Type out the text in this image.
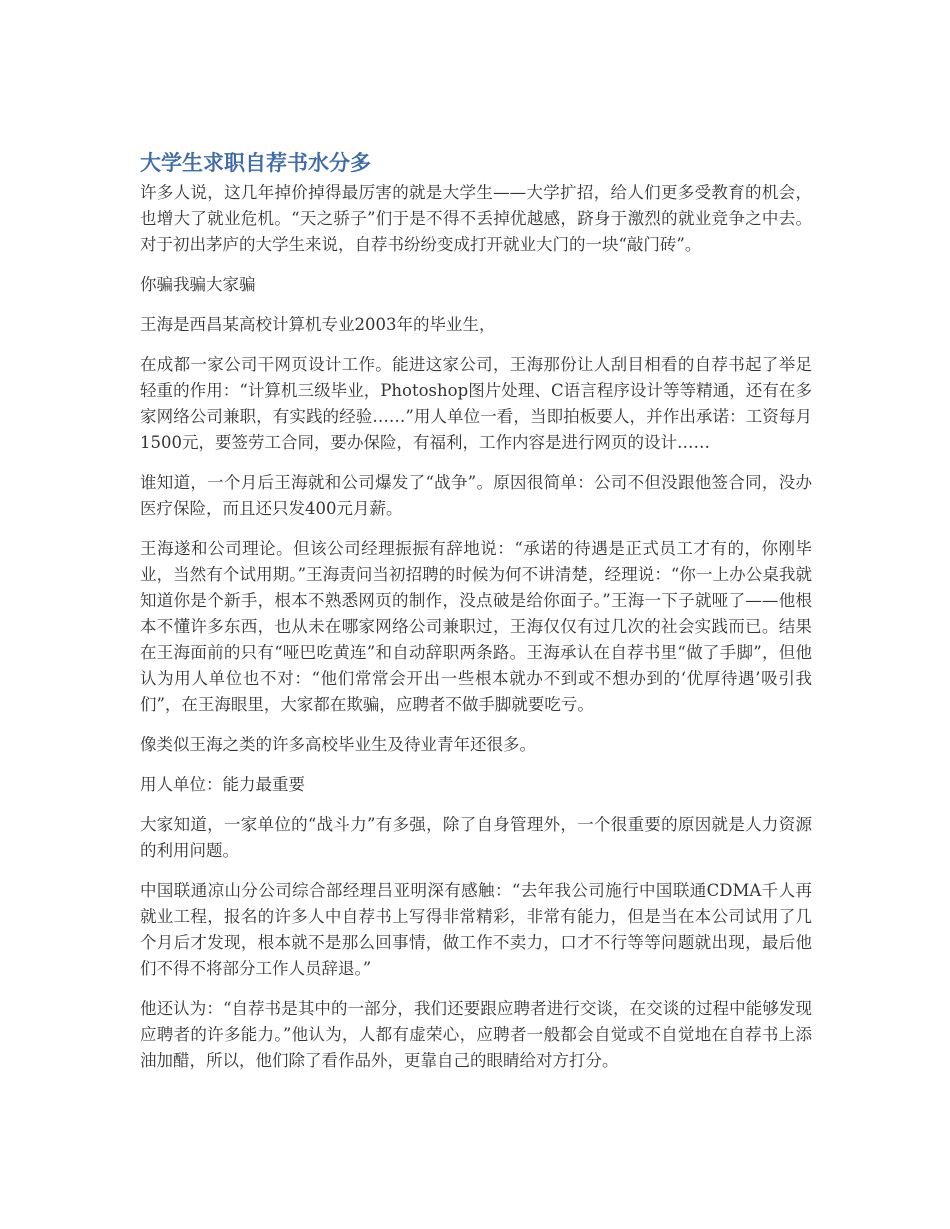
大学生求职自荐书水分多

许多人说，这几年掉价掉得最厉害的就是大学生——大学扩招，给人们更多受教育的机会，也增大了就业危机。“天之骄子”们于是不得不丢掉优越感，跻身于激烈的就业竞争之中去。对于初出茅庐的大学生来说，自荐书纷纷变成打开就业大门的一块“敲门砖”。

你骗我骗大家骗

王海是西昌某高校计算机专业2003年的毕业生，

在成都一家公司干网页设计工作。能进这家公司，王海那份让人刮目相看的自荐书起了举足轻重的作用：“计算机三级毕业，Photoshop图片处理、C语言程序设计等等精通，还有在多家网络公司兼职，有实践的经验……”用人单位一看，当即拍板要人，并作出承诺：工资每月1500元，要签劳工合同，要办保险，有福利，工作内容是进行网页的设计……

谁知道，一个月后王海就和公司爆发了“战争”。原因很简单：公司不但没跟他签合同，没办医疗保险，而且还只发400元月薪。

王海遂和公司理论。但该公司经理振振有辞地说：“承诺的待遇是正式员工才有的，你刚毕业，当然有个试用期。”王海责问当初招聘的时候为何不讲清楚，经理说：“你一上办公桌我就知道你是个新手，根本不熟悉网页的制作，没点破是给你面子。”王海一下子就哑了——他根本不懂许多东西，也从未在哪家网络公司兼职过，王海仅仅有过几次的社会实践而已。结果在王海面前的只有“哑巴吃黄连”和自动辞职两条路。王海承认在自荐书里“做了手脚”，但他认为用人单位也不对：“他们常常会开出一些根本就办不到或不想办到的‘优厚待遇’吸引我们”，在王海眼里，大家都在欺骗，应聘者不做手脚就要吃亏。

像类似王海之类的许多高校毕业生及待业青年还很多。

用人单位：能力最重要

大家知道，一家单位的“战斗力”有多强，除了自身管理外，一个很重要的原因就是人力资源的利用问题。

中国联通凉山分公司综合部经理吕亚明深有感触：“去年我公司施行中国联通CDMA千人再就业工程，报名的许多人中自荐书上写得非常精彩，非常有能力，但是当在本公司试用了几个月后才发现，根本就不是那么回事情，做工作不卖力，口才不行等等问题就出现，最后他们不得不将部分工作人员辞退。”

他还认为：“自荐书是其中的一部分，我们还要跟应聘者进行交谈，在交谈的过程中能够发现应聘者的许多能力。”他认为，人都有虚荣心，应聘者一般都会自觉或不自觉地在自荐书上添油加醋，所以，他们除了看作品外，更靠自己的眼睛给对方打分。
